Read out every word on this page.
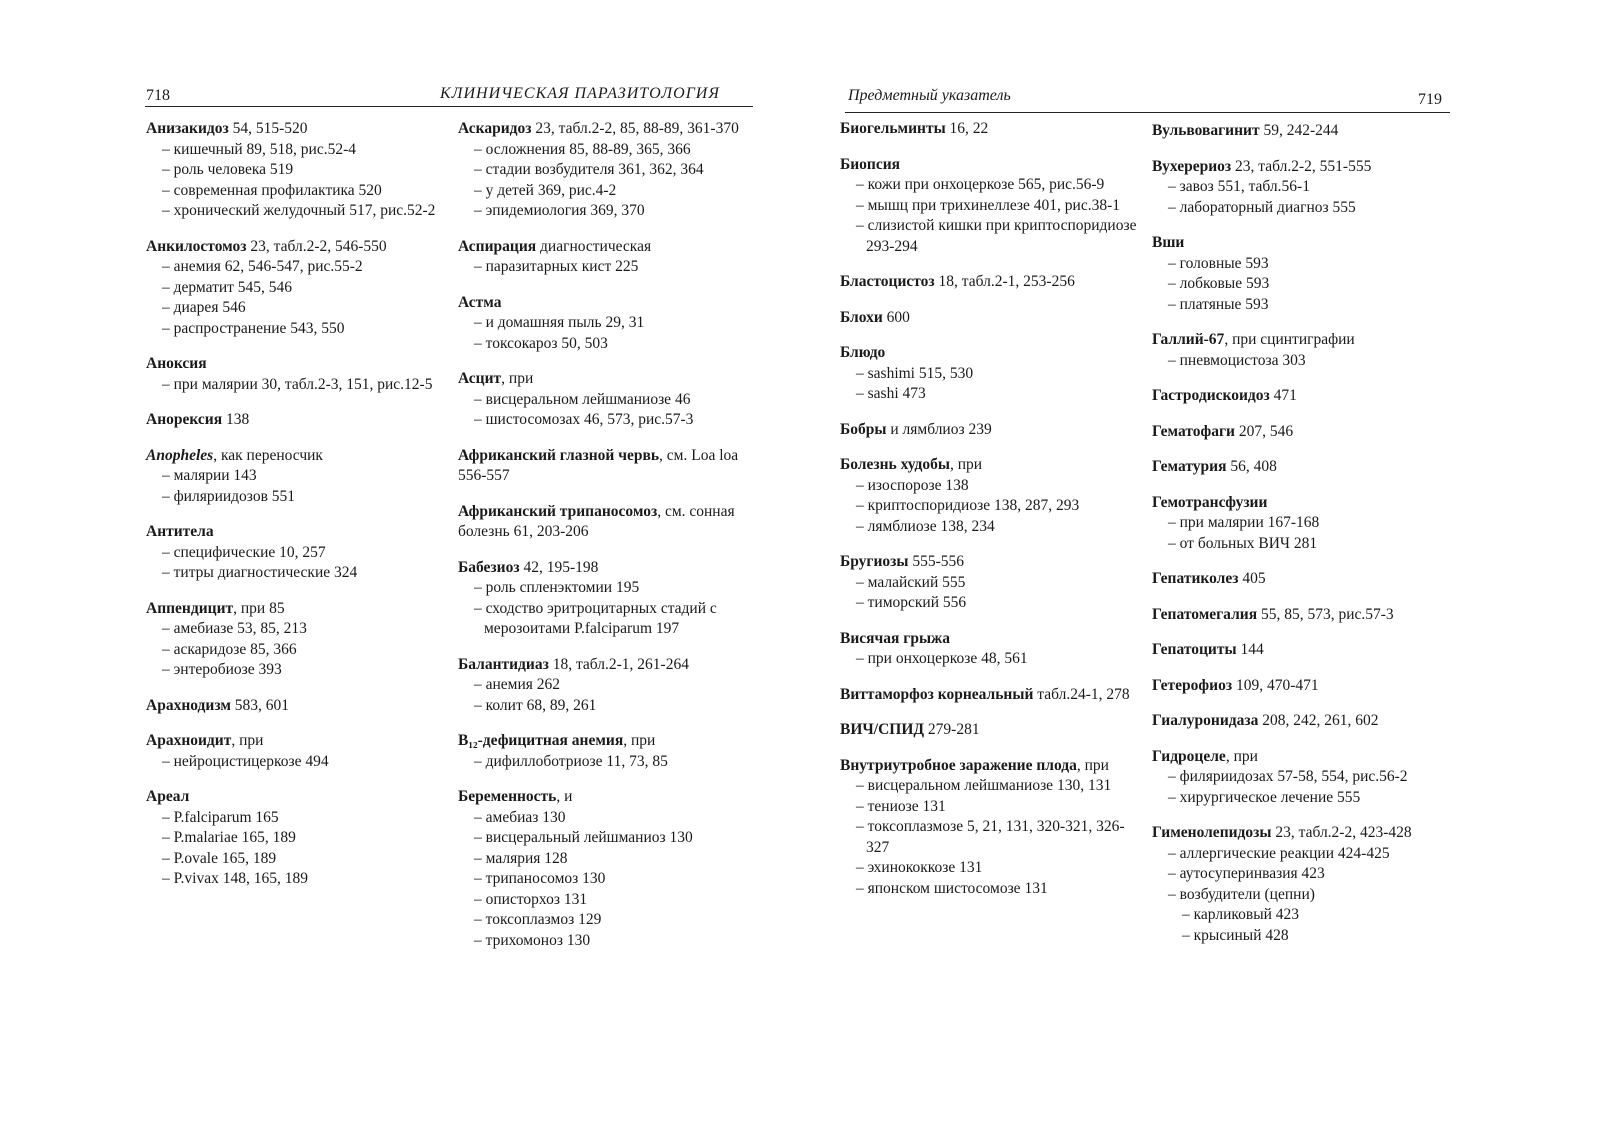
718	КЛИНИЧЕСКАЯ ПАРАЗИТОЛОГИЯ	Предметный указатель	719
Анизакидоз 54, 515-520
– кишечный 89, 518, рис.52-4
– роль человека 519
– современная профилактика 520
– хронический желудочный 517, рис.52-2
Анкилостомоз 23, табл.2-2, 546-550
– анемия 62, 546-547, рис.55-2
– дерматит 545, 546
– диарея 546
– распространение 543, 550
Аноксия
– при малярии 30, табл.2-3, 151, рис.12-5
Анорексия 138
Anopheles, как переносчик
– малярии 143
– филяриидозов 551
Антитела
– специфические 10, 257
– титры диагностические 324
Аппендицит, при 85
– амебиазе 53, 85, 213
– аскаридозе 85, 366
– энтеробиозе 393
Арахнодизм 583, 601
Арахноидит, при
– нейроцистицеркозе 494
Ареал
– P.falciparum 165
– P.malariae 165, 189
– P.ovale 165, 189
– P.vivax 148, 165, 189
Аскаридоз 23, табл.2-2, 85, 88-89, 361-370
– осложнения 85, 88-89, 365, 366
– стадии возбудителя 361, 362, 364
– у детей 369, рис.4-2
– эпидемиология 369, 370
Аспирация диагностическая
– паразитарных кист 225
Астма
– и домашняя пыль 29, 31
– токсокароз 50, 503
Асцит, при
– висцеральном лейшманиозе 46
– шистосомозах 46, 573, рис.57-3
Африканский глазной червь, см. Loa loa 556-557
Африканский трипаносомоз, см. сонная болезнь 61, 203-206
Бабезиоз 42, 195-198
– роль спленэктомии 195
– сходство эритроцитарных стадий с мерозоитами P.falciparum 197
Балантидиаз 18, табл.2-1, 261-264
– анемия 262
– колит 68, 89, 261
B₁₂-дефицитная анемия, при
– дифиллоботриозе 11, 73, 85
Беременность, и
– амебиаз 130
– висцеральный лейшманиоз 130
– малярия 128
– трипаносомоз 130
– описторхоз 131
– токсоплазмоз 129
– трихомоноз 130
Биогельминты 16, 22
Биопсия
– кожи при онхоцеркозе 565, рис.56-9
– мышц при трихинеллезе 401, рис.38-1
– слизистой кишки при криптоспоридиозе 293-294
Бластоцистоз 18, табл.2-1, 253-256
Блохи 600
Блюдо
– sashimi 515, 530
– sashi 473
Бобры и лямблиоз 239
Болезнь худобы, при
– изоспорозе 138
– криптоспоридиозе 138, 287, 293
– лямблиозе 138, 234
Бругиозы 555-556
– малайский 555
– тиморский 556
Висячая грыжа
– при онхоцеркозе 48, 561
Виттаморфоз корнеальный табл.24-1, 278
ВИЧ/СПИД 279-281
Внутриутробное заражение плода, при
– висцеральном лейшманиозе 130, 131
– тениозе 131
– токсоплазмозе 5, 21, 131, 320-321, 326-327
– эхинококкозе 131
– японском шистосомозе 131
Вульвовагинит 59, 242-244
Вухерериоз 23, табл.2-2, 551-555
– завоз 551, табл.56-1
– лабораторный диагноз 555
Вши
– головные 593
– лобковые 593
– платяные 593
Галлий-67, при сцинтиграфии
– пневмоцистоза 303
Гастродискоидоз 471
Гематофаги 207, 546
Гематурия 56, 408
Гемотрансфузии
– при малярии 167-168
– от больных ВИЧ 281
Гепатиколез 405
Гепатомегалия 55, 85, 573, рис.57-3
Гепатоциты 144
Гетерофиоз 109, 470-471
Гиалуронидаза 208, 242, 261, 602
Гидроцеле, при
– филяриидозах 57-58, 554, рис.56-2
– хирургическое лечение 555
Гименолепидозы 23, табл.2-2, 423-428
– аллергические реакции 424-425
– аутосуперинвазия 423
– возбудители (цепни)
– карликовый 423
– крысиный 428
